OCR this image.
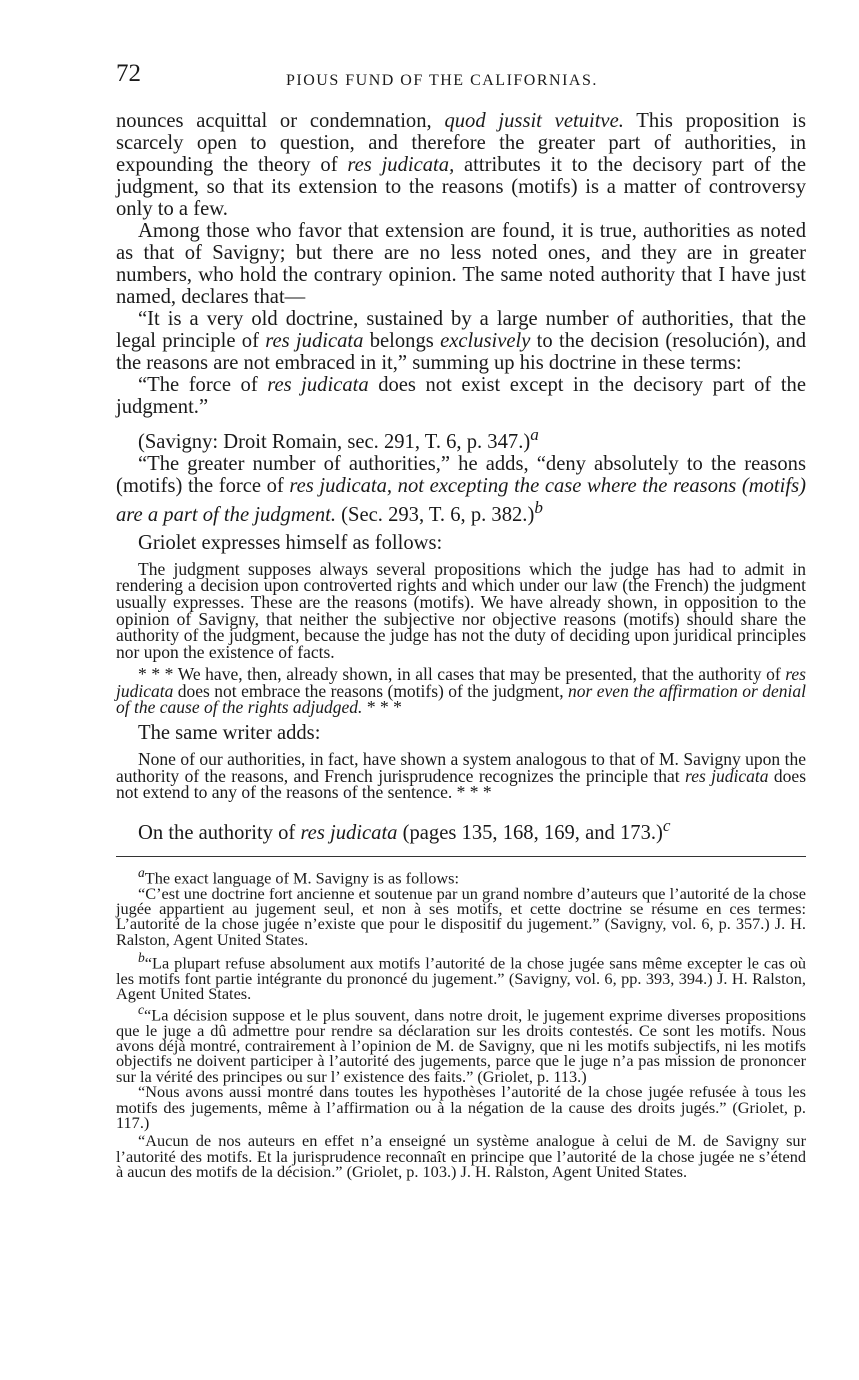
72	PIOUS FUND OF THE CALIFORNIAS.

nounces acquittal or condemnation, quod jussit vetuitve. This proposition is scarcely open to question, and therefore the greater part of authorities, in expounding the theory of res judicata, attributes it to the decisory part of the judgment, so that its extension to the reasons (motifs) is a matter of controversy only to a few.

Among those who favor that extension are found, it is true, authorities as noted as that of Savigny; but there are no less noted ones, and they are in greater numbers, who hold the contrary opinion. The same noted authority that I have just named, declares that—

“It is a very old doctrine, sustained by a large number of authorities, that the legal principle of res judicata belongs exclusively to the decision (resolución), and the reasons are not embraced in it,” summing up his doctrine in these terms:

“The force of res judicata does not exist except in the decisory part of the judgment.”

(Savigny: Droit Romain, sec. 291, T. 6, p. 347.)$^a$

“The greater number of authorities,” he adds, “deny absolutely to the reasons (motifs) the force of res judicata, not excepting the case where the reasons (motifs) are a part of the judgment. (Sec. 293, T. 6, p. 382.)$^b$

Griolet expresses himself as follows:

The judgment supposes always several propositions which the judge has had to admit in rendering a decision upon controverted rights and which under our law (the French) the judgment usually expresses. These are the reasons (motifs). We have already shown, in opposition to the opinion of Savigny, that neither the subjective nor objective reasons (motifs) should share the authority of the judgment, because the judge has not the duty of deciding upon juridical principles nor upon the existence of facts.

* * * We have, then, already shown, in all cases that may be presented, that the authority of res judicata does not embrace the reasons (motifs) of the judgment, nor even the affirmation or denial of the cause of the rights adjudged. * * *

The same writer adds:

None of our authorities, in fact, have shown a system analogous to that of M. Savigny upon the authority of the reasons, and French jurisprudence recognizes the principle that res judicata does not extend to any of the reasons of the sentence. * * *

On the authority of res judicata (pages 135, 168, 169, and 173.)$^c$

$^a$The exact language of M. Savigny is as follows:

“C’est une doctrine fort ancienne et soutenue par un grand nombre d’auteurs que l’autorité de la chose jugée appartient au jugement seul, et non à ses motifs, et cette doctrine se résume en ces termes: L’autorité de la chose jugée n’existe que pour le dispositif du jugement.” (Savigny, vol. 6, p. 357.) J. H. Ralston, Agent United States.

$^b$“La plupart refuse absolument aux motifs l’autorité de la chose jugée sans même excepter le cas où les motifs font partie intégrante du prononcé du jugement.” (Savigny, vol. 6, pp. 393, 394.) J. H. Ralston, Agent United States.

$^c$“La décision suppose et le plus souvent, dans notre droit, le jugement exprime diverses propositions que le juge a dû admettre pour rendre sa déclaration sur les droits contestés. Ce sont les motifs. Nous avons déjà montré, contrairement à l’opinion de M. de Savigny, que ni les motifs subjectifs, ni les motifs objectifs ne doivent participer à l’autorité des jugements, parce que le juge n’a pas mission de prononcer sur la vérité des principes ou sur l’ existence des faits.” (Griolet, p. 113.)

“Nous avons aussi montré dans toutes les hypothèses l’autorité de la chose jugée refusée à tous les motifs des jugements, même à l’affirmation ou à la négation de la cause des droits jugés.” (Griolet, p. 117.)

“Aucun de nos auteurs en effet n’a enseigné un système analogue à celui de M. de Savigny sur l’autorité des motifs. Et la jurisprudence reconnaît en principe que l’autorité de la chose jugée ne s’étend à aucun des motifs de la décision.” (Griolet, p. 103.) J. H. Ralston, Agent United States.
